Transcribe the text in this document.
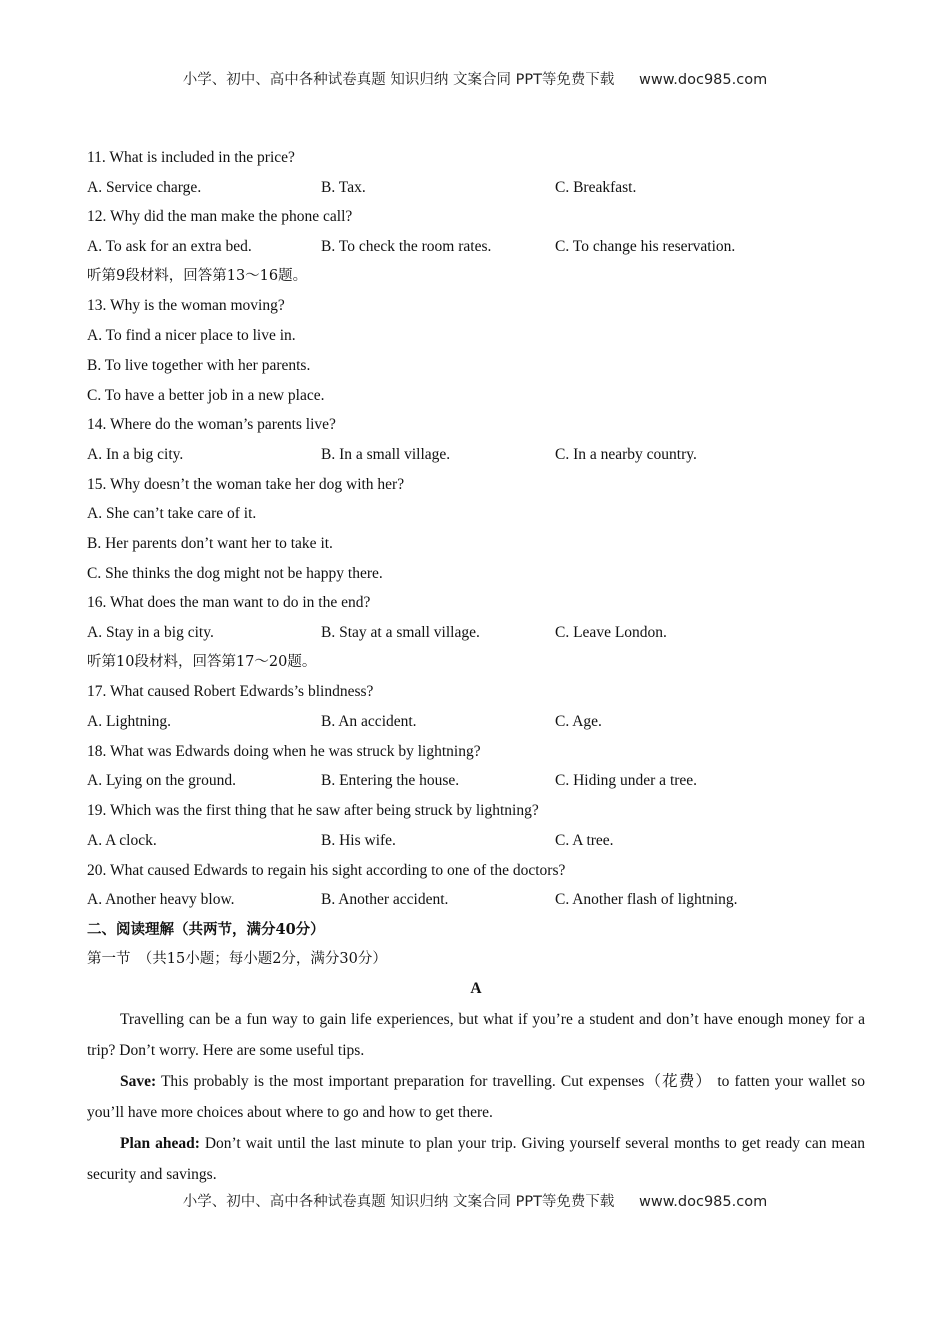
小学、初中、高中各种试卷真题 知识归纳 文案合同 PPT等免费下载 www.doc985.com
11. What is included in the price?
A. Service charge.	B. Tax.	C. Breakfast.
12. Why did the man make the phone call?
A. To ask for an extra bed.	B. To check the room rates.	C. To change his reservation.
听第9段材料，回答第13～16题。
13. Why is the woman moving?
A. To find a nicer place to live in.
B. To live together with her parents.
C. To have a better job in a new place.
14. Where do the woman’s parents live?
A. In a big city.	B. In a small village.	C. In a nearby country.
15. Why doesn’t the woman take her dog with her?
A. She can’t take care of it.
B. Her parents don’t want her to take it.
C. She thinks the dog might not be happy there.
16. What does the man want to do in the end?
A. Stay in a big city.	B. Stay at a small village.	C. Leave London.
听第10段材料，回答第17～20题。
17. What caused Robert Edwards’s blindness?
A. Lightning.	B. An accident.	C. Age.
18. What was Edwards doing when he was struck by lightning?
A. Lying on the ground.	B. Entering the house.	C. Hiding under a tree.
19. Which was the first thing that he saw after being struck by lightning?
A. A clock.	B. His wife.	C. A tree.
20. What caused Edwards to regain his sight according to one of the doctors?
A. Another heavy blow.	B. Another accident.	C. Another flash of lightning.
二、阅读理解（共两节，满分40分）
第一节　（共15小题；每小题2分，满分30分）
A

Travelling can be a fun way to gain life experiences, but what if you’re a student and don’t have enough money for a trip? Don’t worry. Here are some useful tips.

Save: This probably is the most important preparation for travelling. Cut expenses（花费） to fatten your wallet so you’ll have more choices about where to go and how to get there.

Plan ahead: Don’t wait until the last minute to plan your trip. Giving yourself several months to get ready can mean security and savings.

小学、初中、高中各种试卷真题 知识归纳 文案合同 PPT等免费下载 www.doc985.com
